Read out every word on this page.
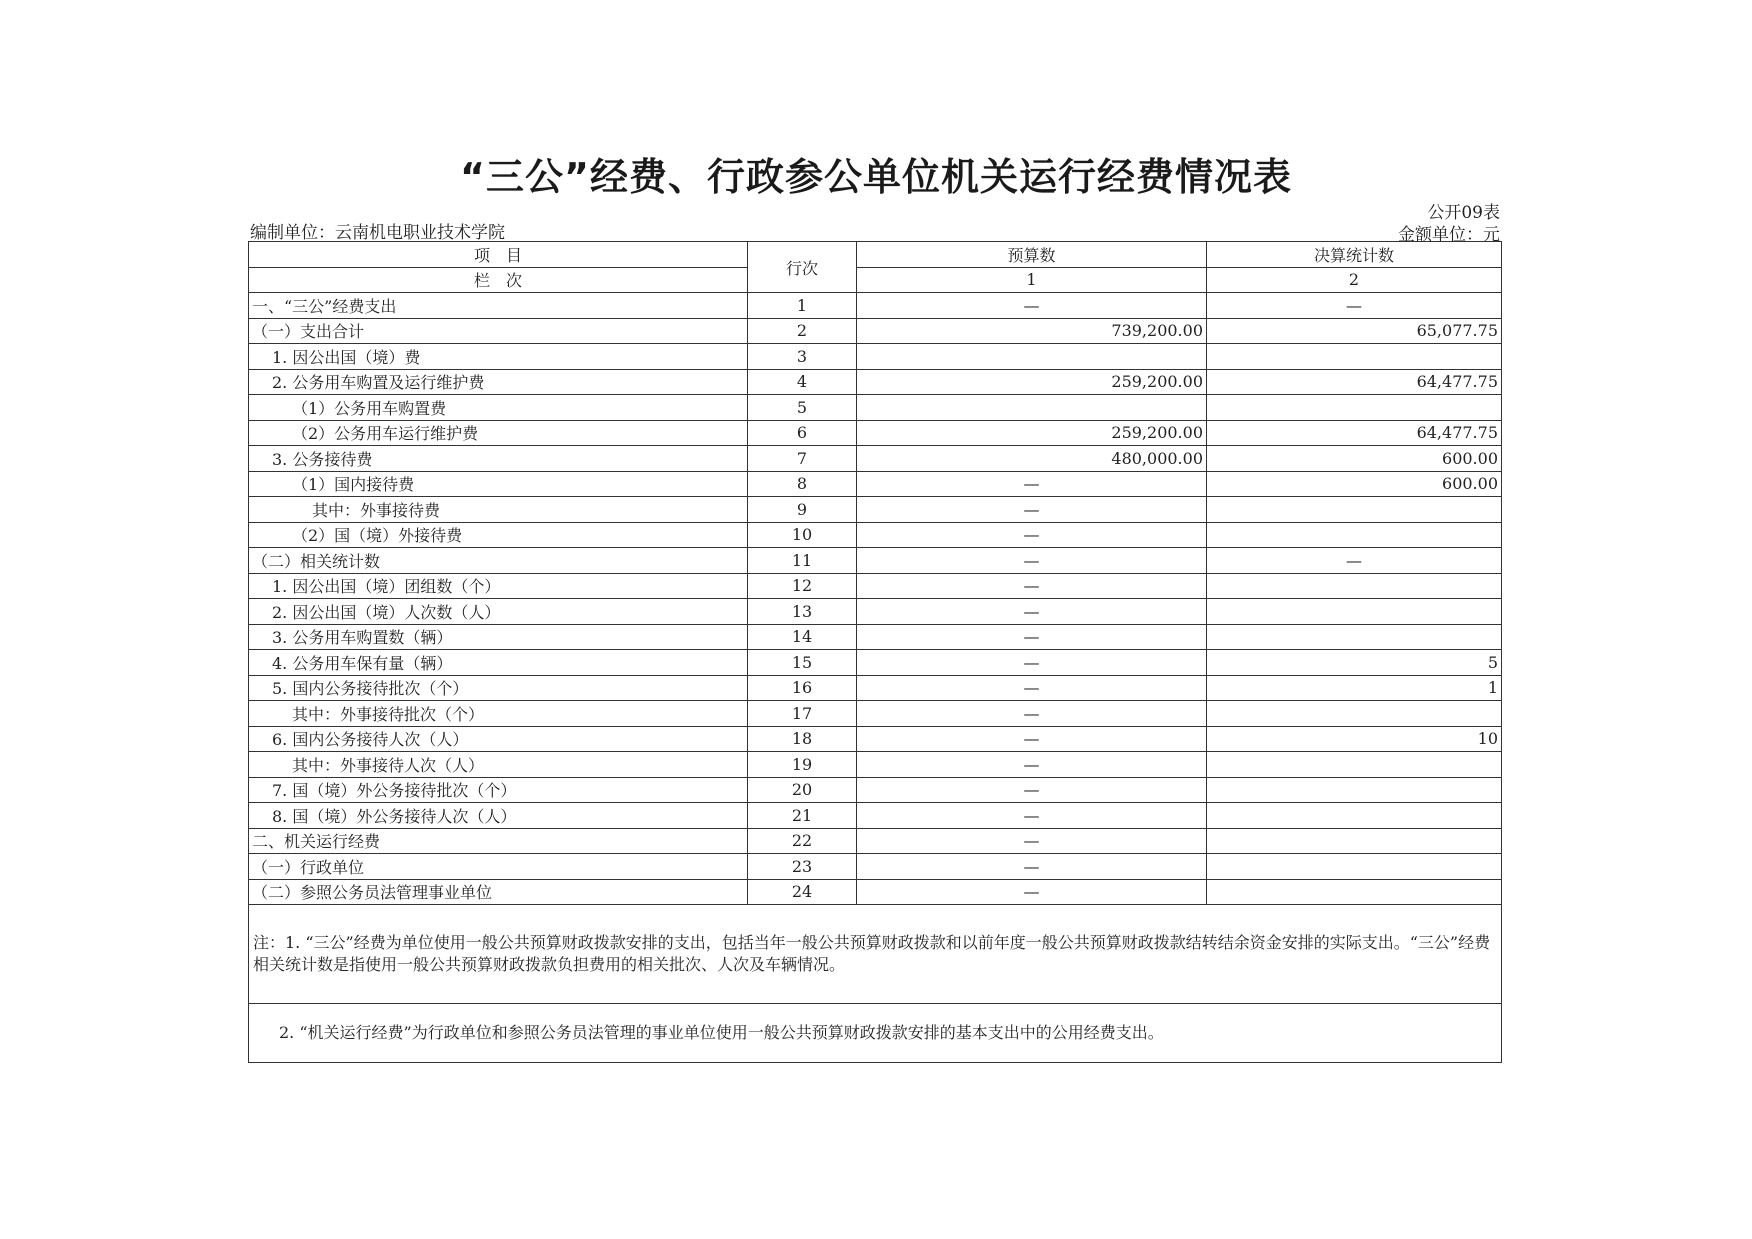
“三公”经费、行政参公单位机关运行经费情况表
公开09表
编制单位：云南机电职业技术学院	金额单位：元
项　目	行次	预算数	决算统计数
栏　次		1	2
一、“三公”经费支出	1	—	—
（一）支出合计	2	739,200.00	65,077.75
1. 因公出国（境）费	3		
2. 公务用车购置及运行维护费	4	259,200.00	64,477.75
（1）公务用车购置费	5		
（2）公务用车运行维护费	6	259,200.00	64,477.75
3. 公务接待费	7	480,000.00	600.00
（1）国内接待费	8	—	600.00
其中：外事接待费	9	—	
（2）国（境）外接待费	10	—	
（二）相关统计数	11	—	—
1. 因公出国（境）团组数（个）	12	—	
2. 因公出国（境）人次数（人）	13	—	
3. 公务用车购置数（辆）	14	—	
4. 公务用车保有量（辆）	15	—	5
5. 国内公务接待批次（个）	16	—	1
其中：外事接待批次（个）	17	—	
6. 国内公务接待人次（人）	18	—	10
其中：外事接待人次（人）	19	—	
7. 国（境）外公务接待批次（个）	20	—	
8. 国（境）外公务接待人次（人）	21	—	
二、机关运行经费	22	—	
（一）行政单位	23	—	
（二）参照公务员法管理事业单位	24	—	
注：1. “三公”经费为单位使用一般公共预算财政拨款安排的支出，包括当年一般公共预算财政拨款和以前年度一般公共预算财政拨款结转结余资金安排的实际支出。“三公”经费相关统计数是指使用一般公共预算财政拨款负担费用的相关批次、人次及车辆情况。			
2. “机关运行经费”为行政单位和参照公务员法管理的事业单位使用一般公共预算财政拨款安排的基本支出中的公用经费支出。			
